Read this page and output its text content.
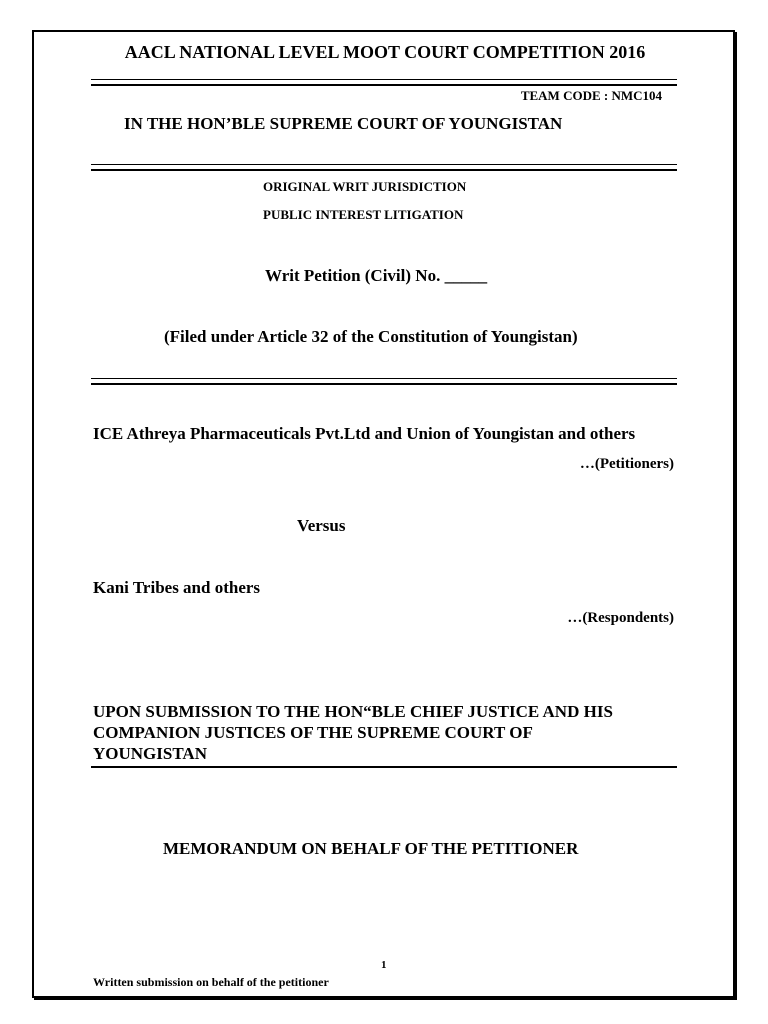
AACL NATIONAL LEVEL MOOT COURT COMPETITION 2016
TEAM CODE : NMC104
IN THE HON’BLE SUPREME COURT OF YOUNGISTAN
ORIGINAL WRIT JURISDICTION
PUBLIC INTEREST LITIGATION
Writ Petition (Civil) No. _____
(Filed under Article 32 of the Constitution of Youngistan)
ICE Athreya Pharmaceuticals Pvt.Ltd and Union of Youngistan and others
…(Petitioners)
Versus
Kani Tribes and others
…(Respondents)
UPON SUBMISSION TO THE HON“BLE CHIEF JUSTICE AND HIS
COMPANION JUSTICES OF THE SUPREME COURT OF
YOUNGISTAN
MEMORANDUM ON BEHALF OF THE PETITIONER
1
Written submission on behalf of the petitioner
